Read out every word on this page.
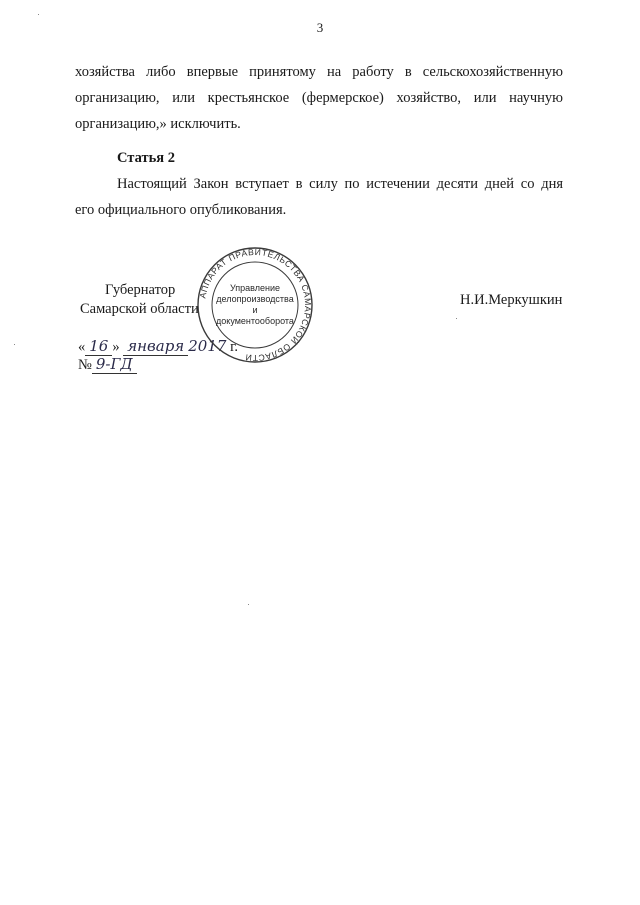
3
хозяйства либо впервые принятому на работу в сельскохозяйственную
организацию, или крестьянское (фермерское) хозяйство, или научную
организацию,» исключить.
Статья 2
Настоящий Закон вступает в силу по истечении десяти дней со дня
его официального опубликования.
Губернатор
Самарской области
Н.И.Меркушкин
« 16 » января 2017 г.
№ 9-ГД
АППАРАТ ПРАВИТЕЛЬСТВА САМАРСКОЙ ОБЛАСТИ
Управление
делопроизводства
и документооборота
